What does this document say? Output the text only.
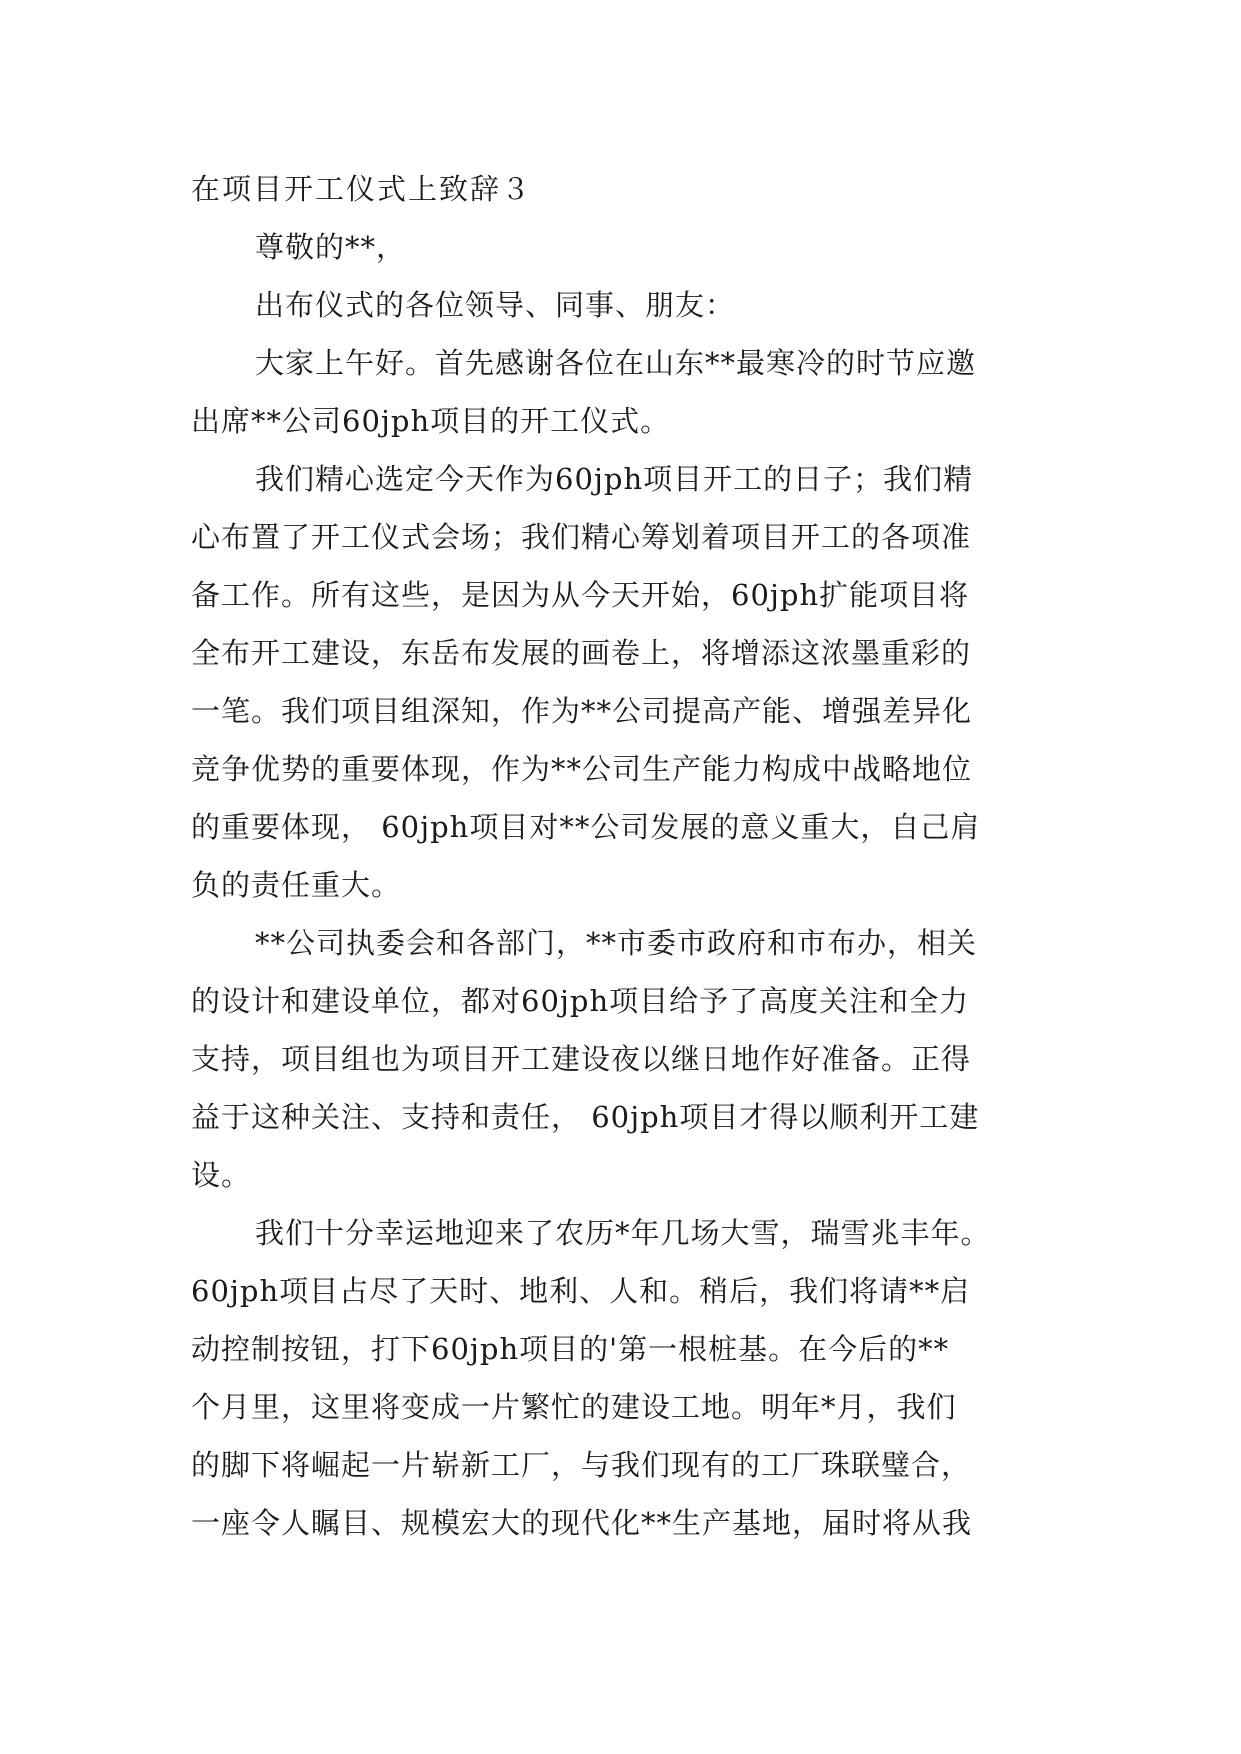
在项目开工仪式上致辞３
尊敬的**，
出布仪式的各位领导、同事、朋友：
大家上午好。首先感谢各位在山东**最寒冷的时节应邀
出席**公司60jph项目的开工仪式。
我们精心选定今天作为60jph项目开工的日子；我们精
心布置了开工仪式会场；我们精心筹划着项目开工的各项准
备工作。所有这些，是因为从今天开始，60jph扩能项目将
全布开工建设，东岳布发展的画卷上，将增添这浓墨重彩的
一笔。我们项目组深知，作为**公司提高产能、增强差异化
竞争优势的重要体现，作为**公司生产能力构成中战略地位
的重要体现， 60jph项目对**公司发展的意义重大，自己肩
负的责任重大。
**公司执委会和各部门，**市委市政府和市布办，相关
的设计和建设单位，都对60jph项目给予了高度关注和全力
支持，项目组也为项目开工建设夜以继日地作好准备。正得
益于这种关注、支持和责任， 60jph项目才得以顺利开工建
设。
我们十分幸运地迎来了农历*年几场大雪，瑞雪兆丰年。
60jph项目占尽了天时、地利、人和。稍后，我们将请**启
动控制按钮，打下60jph项目的'第一根桩基。在今后的**
个月里，这里将变成一片繁忙的建设工地。明年*月，我们
的脚下将崛起一片崭新工厂，与我们现有的工厂珠联璧合，
一座令人瞩目、规模宏大的现代化**生产基地，届时将从我
